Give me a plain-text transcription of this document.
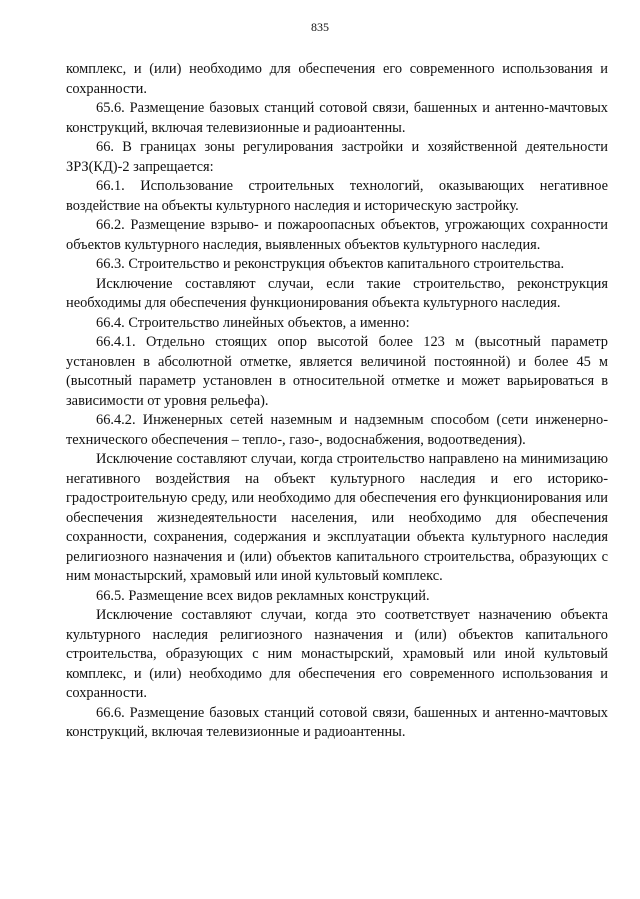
835

комплекс, и (или) необходимо для обеспечения его современного использования и сохранности.

65.6. Размещение базовых станций сотовой связи, башенных и антенно-мачтовых конструкций, включая телевизионные и радиоантенны.

66. В границах зоны регулирования застройки и хозяйственной деятельности ЗРЗ(КД)-2 запрещается:

66.1. Использование строительных технологий, оказывающих негативное воздействие на объекты культурного наследия и историческую застройку.

66.2. Размещение взрыво- и пожароопасных объектов, угрожающих сохранности объектов культурного наследия, выявленных объектов культурного наследия.

66.3. Строительство и реконструкция объектов капитального строительства.

Исключение составляют случаи, если такие строительство, реконструкция необходимы для обеспечения функционирования объекта культурного наследия.

66.4. Строительство линейных объектов, а именно:

66.4.1. Отдельно стоящих опор высотой более 123 м (высотный параметр установлен в абсолютной отметке, является величиной постоянной) и более 45 м (высотный параметр установлен в относительной отметке и может варьироваться в зависимости от уровня рельефа).

66.4.2. Инженерных сетей наземным и надземным способом (сети инженерно-технического обеспечения – тепло-, газо-, водоснабжения, водоотведения).

Исключение составляют случаи, когда строительство направлено на минимизацию негативного воздействия на объект культурного наследия и его историко-градостроительную среду, или необходимо для обеспечения его функционирования или обеспечения жизнедеятельности населения, или необходимо для обеспечения сохранности, сохранения, содержания и эксплуатации объекта культурного наследия религиозного назначения и (или) объектов капитального строительства, образующих с ним монастырский, храмовый или иной культовый комплекс.

66.5. Размещение всех видов рекламных конструкций.

Исключение составляют случаи, когда это соответствует назначению объекта культурного наследия религиозного назначения и (или) объектов капитального строительства, образующих с ним монастырский, храмовый или иной культовый комплекс, и (или) необходимо для обеспечения его современного использования и сохранности.

66.6. Размещение базовых станций сотовой связи, башенных и антенно-мачтовых конструкций, включая телевизионные и радиоантенны.
